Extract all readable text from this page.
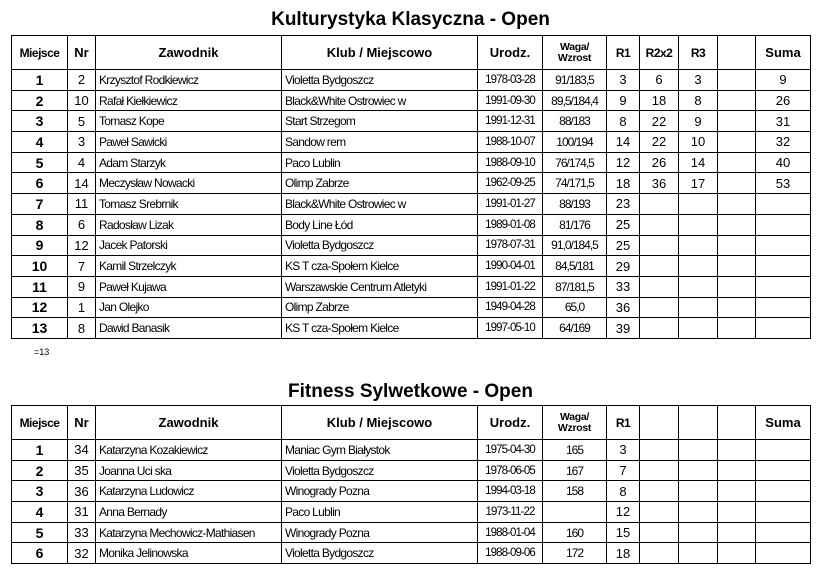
Kulturystyka Klasyczna - Open
Miejsce	Nr	Zawodnik	Klub / Miejscowo	Urodz.	Waga/ Wzrost	R1	R2x2	R3		Suma
1	2	Krzysztof Rodkiewicz	Violetta Bydgoszcz	1978-03-28	91/183,5	3	6	3		9
2	10	Rafał Kiełkiewicz	Black&White Ostrowiec w	1991-09-30	89,5/184,4	9	18	8		26
3	5	Tomasz Kope	Start Strzegom	1991-12-31	88/183	8	22	9		31
4	3	Paweł Sawicki	Sandow rem	1988-10-07	100/194	14	22	10		32
5	4	Adam Starzyk	Paco Lublin	1988-09-10	76/174,5	12	26	14		40
6	14	Meczysław Nowacki	Olimp Zabrze	1962-09-25	74/171,5	18	36	17		53
7	11	Tomasz Srebrnik	Black&White Ostrowiec w	1991-01-27	88/193	23				
8	6	Radosław Lizak	Body Line Łód	1989-01-08	81/176	25				
9	12	Jacek Patorski	Violetta Bydgoszcz	1978-07-31	91,0/184,5	25				
10	7	Kamil Strzelczyk	KS T cza-Społem Kielce	1990-04-01	84,5/181	29				
11	9	Paweł Kujawa	Warszawskie Centrum Atletyki	1991-01-22	87/181,5	33				
12	1	Jan Olejko	Olimp Zabrze	1949-04-28	65,0	36				
13	8	Dawid Banasik	KS T cza-Społem Kielce	1997-05-10	64/169	39				
=13
Fitness Sylwetkowe - Open
Miejsce	Nr	Zawodnik	Klub / Miejscowo	Urodz.	Waga/ Wzrost	R1				Suma
1	34	Katarzyna Kozakiewicz	Maniac Gym Białystok	1975-04-30	165	3				
2	35	Joanna Uci ska	Violetta Bydgoszcz	1978-06-05	167	7				
3	36	Katarzyna Ludowicz	Winogrady Pozna	1994-03-18	158	8				
4	31	Anna Bernady	Paco Lublin	1973-11-22		12				
5	33	Katarzyna Mechowicz-Mathiasen	Winogrady Pozna	1988-01-04	160	15				
6	32	Monika Jelinowska	Violetta Bydgoszcz	1988-09-06	172	18				
